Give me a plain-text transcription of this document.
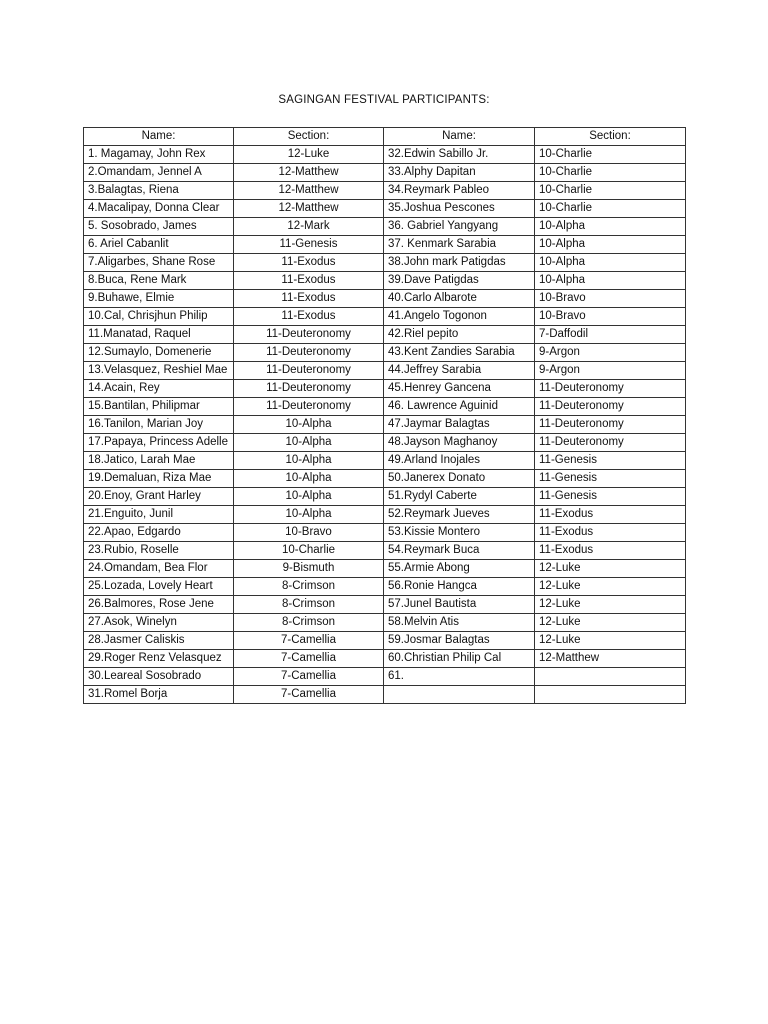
SAGINGAN FESTIVAL PARTICIPANTS:
Name:	Section:	Name:	Section:
1. Magamay, John Rex	12-Luke	32.Edwin Sabillo Jr.	10-Charlie
2.Omandam, Jennel A	12-Matthew	33.Alphy Dapitan	10-Charlie
3.Balagtas, Riena	12-Matthew	34.Reymark Pableo	10-Charlie
4.Macalipay, Donna Clear	12-Matthew	35.Joshua Pescones	10-Charlie
5. Sosobrado, James	12-Mark	36. Gabriel Yangyang	10-Alpha
6. Ariel Cabanlit	11-Genesis	37. Kenmark Sarabia	10-Alpha
7.Aligarbes, Shane Rose	11-Exodus	38.John mark Patigdas	10-Alpha
8.Buca, Rene Mark	11-Exodus	39.Dave Patigdas	10-Alpha
9.Buhawe, Elmie	11-Exodus	40.Carlo Albarote	10-Bravo
10.Cal, Chrisjhun Philip	11-Exodus	41.Angelo Togonon	10-Bravo
11.Manatad, Raquel	11-Deuteronomy	42.Riel pepito	7-Daffodil
12.Sumaylo, Domenerie	11-Deuteronomy	43.Kent Zandies Sarabia	9-Argon
13.Velasquez, Reshiel Mae	11-Deuteronomy	44.Jeffrey Sarabia	9-Argon
14.Acain, Rey	11-Deuteronomy	45.Henrey Gancena	11-Deuteronomy
15.Bantilan, Philipmar	11-Deuteronomy	46. Lawrence Aguinid	11-Deuteronomy
16.Tanilon, Marian Joy	10-Alpha	47.Jaymar Balagtas	11-Deuteronomy
17.Papaya, Princess Adelle	10-Alpha	48.Jayson Maghanoy	11-Deuteronomy
18.Jatico, Larah Mae	10-Alpha	49.Arland Inojales	11-Genesis
19.Demaluan, Riza Mae	10-Alpha	50.Janerex Donato	11-Genesis
20.Enoy, Grant Harley	10-Alpha	51.Rydyl Caberte	11-Genesis
21.Enguito, Junil	10-Alpha	52.Reymark Jueves	11-Exodus
22.Apao, Edgardo	10-Bravo	53.Kissie Montero	11-Exodus
23.Rubio, Roselle	10-Charlie	54.Reymark Buca	11-Exodus
24.Omandam, Bea Flor	9-Bismuth	55.Armie Abong	12-Luke
25.Lozada, Lovely Heart	8-Crimson	56.Ronie Hangca	12-Luke
26.Balmores, Rose Jene	8-Crimson	57.Junel Bautista	12-Luke
27.Asok, Winelyn	8-Crimson	58.Melvin Atis	12-Luke
28.Jasmer Caliskis	7-Camellia	59.Josmar Balagtas	12-Luke
29.Roger Renz Velasquez	7-Camellia	60.Christian Philip Cal	12-Matthew
30.Leareal Sosobrado	7-Camellia	61.	
31.Romel Borja	7-Camellia		
